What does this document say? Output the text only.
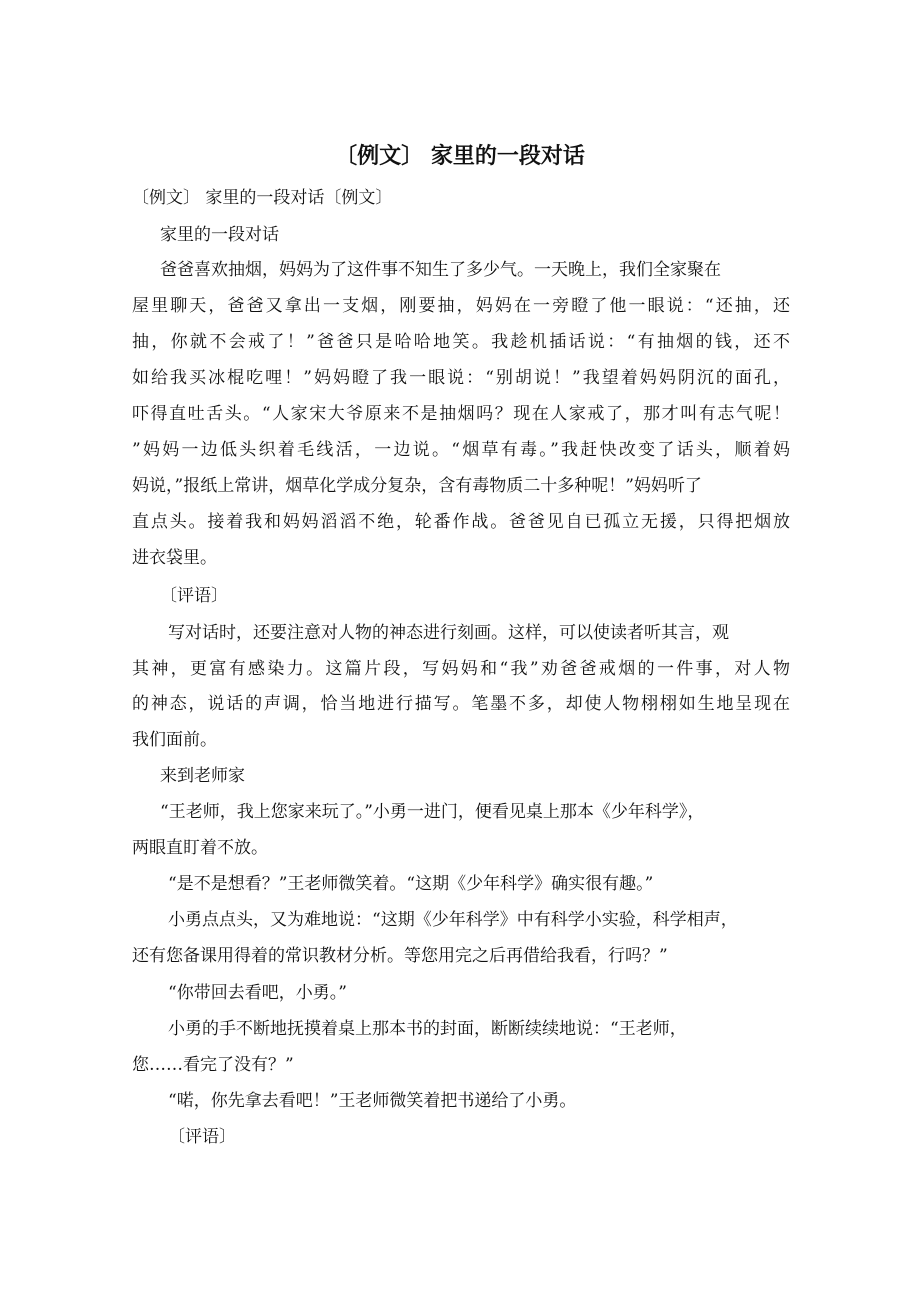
〔例文〕 家里的一段对话
〔例文〕 家里的一段对话〔例文〕
家里的一段对话
爸爸喜欢抽烟，妈妈为了这件事不知生了多少气。一天晚上，我们全家聚在
屋里聊天，爸爸又拿出一支烟，刚要抽，妈妈在一旁瞪了他一眼说：“还抽，还
抽，你就不会戒了！”爸爸只是哈哈地笑。我趁机插话说：“有抽烟的钱，还不
如给我买冰棍吃哩！”妈妈瞪了我一眼说：“别胡说！”我望着妈妈阴沉的面孔，
吓得直吐舌头。“人家宋大爷原来不是抽烟吗？现在人家戒了，那才叫有志气呢！
”妈妈一边低头织着毛线活，一边说。“烟草有毒。”我赶快改变了话头，顺着妈
妈说，”报纸上常讲，烟草化学成分复杂，含有毒物质二十多种呢！”妈妈听了
直点头。接着我和妈妈滔滔不绝，轮番作战。爸爸见自已孤立无援，只得把烟放
进衣袋里。
〔评语〕
写对话时，还要注意对人物的神态进行刻画。这样，可以使读者听其言，观
其神，更富有感染力。这篇片段，写妈妈和“我”劝爸爸戒烟的一件事，对人物
的神态，说话的声调，恰当地进行描写。笔墨不多，却使人物栩栩如生地呈现在
我们面前。
来到老师家
“王老师，我上您家来玩了。”小勇一进门，便看见桌上那本《少年科学》，
两眼直盯着不放。
“是不是想看？”王老师微笑着。“这期《少年科学》确实很有趣。”
小勇点点头，又为难地说：“这期《少年科学》中有科学小实验，科学相声，
还有您备课用得着的常识教材分析。等您用完之后再借给我看，行吗？”
“你带回去看吧，小勇。”
小勇的手不断地抚摸着桌上那本书的封面，断断续续地说：“王老师，
您……看完了没有？”
“喏，你先拿去看吧！”王老师微笑着把书递给了小勇。
〔评语〕
